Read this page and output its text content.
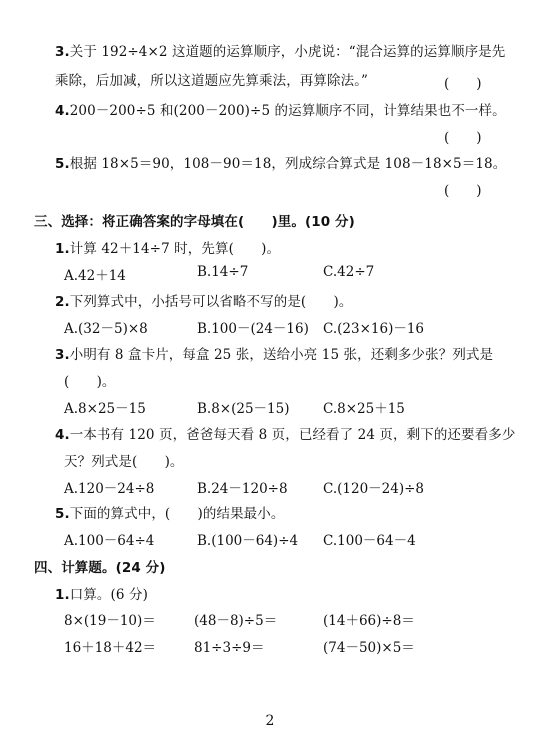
3.关于 192÷4×2 这道题的运算顺序，小虎说：“混合运算的运算顺序是先
乘除，后加减，所以这道题应先算乘法，再算除法。”	(　　)
4.200－200÷5 和(200－200)÷5 的运算顺序不同，计算结果也不一样。
(　　)
5.根据 18×5＝90，108－90＝18，列成综合算式是 108－18×5＝18。
(　　)
三、选择：将正确答案的字母填在(　　)里。(10 分)
1.计算 42＋14÷7 时，先算(　　)。
A.42＋14	B.14÷7	C.42÷7
2.下列算式中，小括号可以省略不写的是(　　)。
A.(32－5)×8	B.100－(24－16) C.(23×16)－16
3.小明有 8 盒卡片，每盒 25 张，送给小亮 15 张，还剩多少张？列式是
(　　)。
A.8×25－15	B.8×(25－15) C.8×25＋15
4.一本书有 120 页，爸爸每天看 8 页，已经看了 24 页，剩下的还要看多少
天？列式是(　　)。
A.120－24÷8	B.24－120÷8	C.(120－24)÷8
5.下面的算式中，(　　)的结果最小。
A.100－64÷4	B.(100－64)÷4 C.100－64－4
四、计算题。(24 分)
1.口算。(6 分)
8×(19－10)＝	(48－8)÷5＝	(14＋66)÷8＝
16＋18＋42＝	81÷3÷9＝	(74－50)×5＝
2
